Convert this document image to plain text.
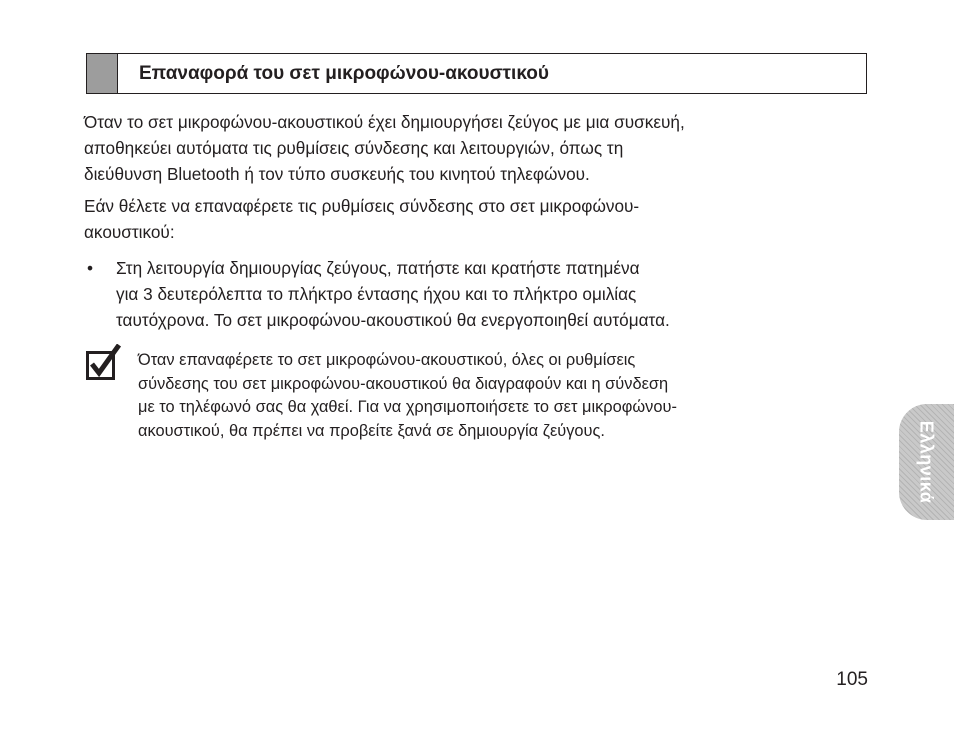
Επαναφορά του σετ μικροφώνου-ακουστικού
Όταν το σετ μικροφώνου-ακουστικού έχει δημιουργήσει ζεύγος με μια συσκευή,
αποθηκεύει αυτόματα τις ρυθμίσεις σύνδεσης και λειτουργιών, όπως τη
διεύθυνση Bluetooth ή τον τύπο συσκευής του κινητού τηλεφώνου.
Εάν θέλετε να επαναφέρετε τις ρυθμίσεις σύνδεσης στο σετ μικροφώνου-
ακουστικού:
• Στη λειτουργία δημιουργίας ζεύγους, πατήστε και κρατήστε πατημένα
για 3 δευτερόλεπτα το πλήκτρο έντασης ήχου και το πλήκτρο ομιλίας
ταυτόχρονα. Το σετ μικροφώνου-ακουστικού θα ενεργοποιηθεί αυτόματα.
Όταν επαναφέρετε το σετ μικροφώνου-ακουστικού, όλες οι ρυθμίσεις
σύνδεσης του σετ μικροφώνου-ακουστικού θα διαγραφούν και η σύνδεση
με το τηλέφωνό σας θα χαθεί. Για να χρησιμοποιήσετε το σετ μικροφώνου-
ακουστικού, θα πρέπει να προβείτε ξανά σε δημιουργία ζεύγους.	Ελληνικά
105
